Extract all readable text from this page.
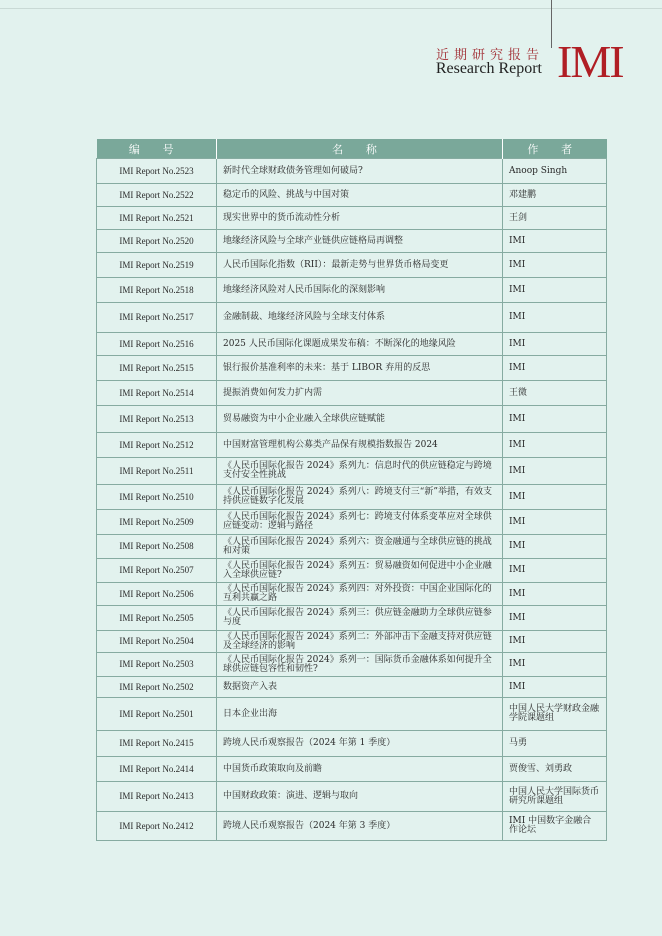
近期研究报告
Research Report IMI
编 号	名 称	作 者
IMI Report No.2523	新时代全球财政债务管理如何破局?	Anoop Singh
IMI Report No.2522	稳定币的风险、挑战与中国对策	邓建鹏
IMI Report No.2521	现实世界中的货币流动性分析	王剑
IMI Report No.2520	地缘经济风险与全球产业链供应链格局再调整	IMI
IMI Report No.2519	人民币国际化指数（RII）：最新走势与世界货币格局变更	IMI
IMI Report No.2518	地缘经济风险对人民币国际化的深刻影响	IMI
IMI Report No.2517	金融制裁、地缘经济风险与全球支付体系	IMI
IMI Report No.2516	2025 人民币国际化课题成果发布稿：不断深化的地缘风险	IMI
IMI Report No.2515	银行报价基准利率的未来：基于 LIBOR 弃用的反思	IMI
IMI Report No.2514	提振消费如何发力扩内需	王微
IMI Report No.2513	贸易融资为中小企业融入全球供应链赋能	IMI
IMI Report No.2512	中国财富管理机构公募类产品保有规模指数报告 2024	IMI
IMI Report No.2511	《人民币国际化报告 2024》系列九：信息时代的供应链稳定与跨境支付安全性挑战	IMI
IMI Report No.2510	《人民币国际化报告 2024》系列八：跨境支付三“新”举措，有效支持供应链数字化发展	IMI
IMI Report No.2509	《人民币国际化报告 2024》系列七：跨境支付体系变革应对全球供应链变动：逻辑与路径	IMI
IMI Report No.2508	《人民币国际化报告 2024》系列六：资金融通与全球供应链的挑战和对策	IMI
IMI Report No.2507	《人民币国际化报告 2024》系列五：贸易融资如何促进中小企业融入全球供应链?	IMI
IMI Report No.2506	《人民币国际化报告 2024》系列四：对外投资：中国企业国际化的互利共赢之路	IMI
IMI Report No.2505	《人民币国际化报告 2024》系列三：供应链金融助力全球供应链参与度	IMI
IMI Report No.2504	《人民币国际化报告 2024》系列二：外部冲击下金融支持对供应链及全球经济的影响	IMI
IMI Report No.2503	《人民币国际化报告 2024》系列一：国际货币金融体系如何提升全球供应链包容性和韧性?	IMI
IMI Report No.2502	数据资产入表	IMI
IMI Report No.2501	日本企业出海	中国人民大学财政金融学院课题组
IMI Report No.2415	跨境人民币观察报告（2024 年第 1 季度）	马勇
IMI Report No.2414	中国货币政策取向及前瞻	贾俊雪、刘勇政
IMI Report No.2413	中国财政政策：演进、逻辑与取向	中国人民大学国际货币研究所课题组
IMI Report No.2412	跨境人民币观察报告（2024 年第 3 季度）	IMI 中国数字金融合作论坛
